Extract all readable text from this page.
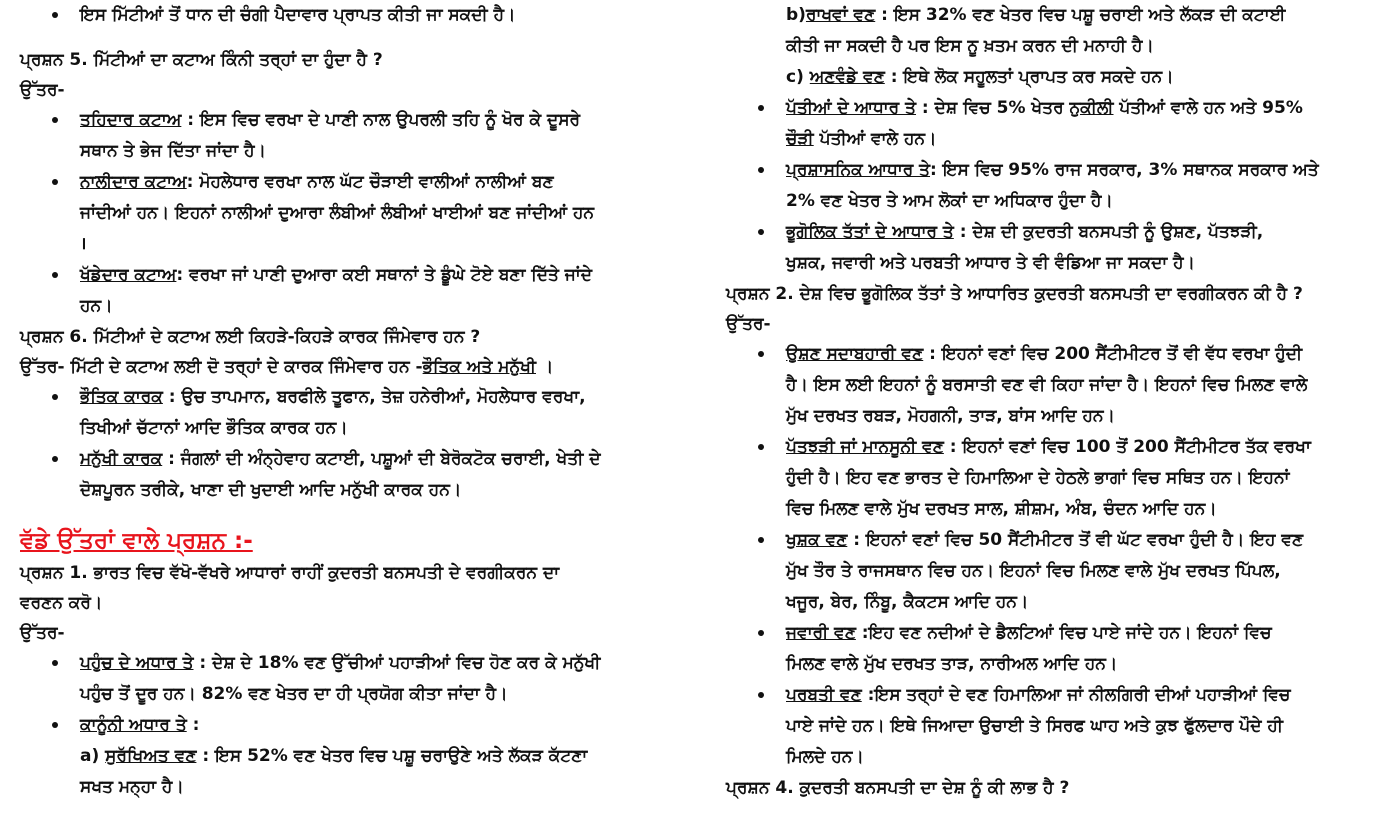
ਇਸ ਮਿੱਟੀਆਂ ਤੋਂ ਧਾਨ ਦੀ ਚੰਗੀ ਪੈਦਾਵਾਰ ਪ੍ਰਾਪਤ ਕੀਤੀ ਜਾ ਸਕਦੀ ਹੈ।

ਪ੍ਰਸ਼ਨ 5. ਮਿੱਟੀਆਂ ਦਾ ਕਟਾਅ ਕਿੰਨੀ ਤਰ੍ਹਾਂ ਦਾ ਹੁੰਦਾ ਹੈ ?

ਉੱਤਰ-

ਤਹਿਦਾਰ ਕਟਾਅ : ਇਸ ਵਿਚ ਵਰਖਾ ਦੇ ਪਾਣੀ ਨਾਲ ਉਪਰਲੀ ਤਹਿ ਨੂੰ ਖੋਰ ਕੇ ਦੂਸਰੇ
ਸਥਾਨ ਤੇ ਭੇਜ ਦਿੱਤਾ ਜਾਂਦਾ ਹੈ।
ਨਾਲੀਦਾਰ ਕਟਾਅ: ਮੋਹਲੇਧਾਰ ਵਰਖਾ ਨਾਲ ਘੱਟ ਚੌੜਾਈ ਵਾਲੀਆਂ ਨਾਲੀਆਂ ਬਣ
ਜਾਂਦੀਆਂ ਹਨ। ਇਹਨਾਂ ਨਾਲੀਆਂ ਦੁਆਰਾ ਲੰਬੀਆਂ ਲੰਬੀਆਂ ਖਾਈਆਂ ਬਣ ਜਾਂਦੀਆਂ ਹਨ
।
ਖੱਡੇਦਾਰ ਕਟਾਅ: ਵਰਖਾ ਜਾਂ ਪਾਣੀ ਦੁਆਰਾ ਕਈ ਸਥਾਨਾਂ ਤੇ ਡੂੰਘੇ ਟੋਏ ਬਣਾ ਦਿੱਤੇ ਜਾਂਦੇ
ਹਨ।

ਪ੍ਰਸ਼ਨ 6. ਮਿੱਟੀਆਂ ਦੇ ਕਟਾਅ ਲਈ ਕਿਹੜੇ-ਕਿਹੜੇ ਕਾਰਕ ਜਿੰਮੇਵਾਰ ਹਨ ?

ਉੱਤਰ- ਮਿੱਟੀ ਦੇ ਕਟਾਅ ਲਈ ਦੋ ਤਰ੍ਹਾਂ ਦੇ ਕਾਰਕ ਜਿੰਮੇਵਾਰ ਹਨ -ਭੌਤਿਕ ਅਤੇ ਮਨੁੱਖੀ ।

ਭੌਤਿਕ ਕਾਰਕ : ਉਚ ਤਾਪਮਾਨ, ਬਰਫੀਲੇ ਤੂਫਾਨ, ਤੇਜ਼ ਹਨੇਰੀਆਂ, ਮੋਹਲੇਧਾਰ ਵਰਖਾ,
ਤਿਖੀਆਂ ਚੱਟਾਨਾਂ ਆਦਿ ਭੌਤਿਕ ਕਾਰਕ ਹਨ।
ਮਨੁੱਖੀ ਕਾਰਕ : ਜੰਗਲਾਂ ਦੀ ਅੰਨ੍ਹੇਵਾਹ ਕਟਾਈ, ਪਸ਼ੂਆਂ ਦੀ ਬੇਰੋਕਟੋਕ ਚਰਾਈ, ਖੇਤੀ ਦੇ
ਦੋਸ਼ਪੂਰਨ ਤਰੀਕੇ, ਖਾਣਾ ਦੀ ਖੁਦਾਈ ਆਦਿ ਮਨੁੱਖੀ ਕਾਰਕ ਹਨ।

ਵੱਡੇ ਉੱਤਰਾਂ ਵਾਲੇ ਪ੍ਰਸ਼ਨ :-

ਪ੍ਰਸ਼ਨ 1. ਭਾਰਤ ਵਿਚ ਵੱਖੋ-ਵੱਖਰੇ ਆਧਾਰਾਂ ਰਾਹੀਂ ਕੁਦਰਤੀ ਬਨਸਪਤੀ ਦੇ ਵਰਗੀਕਰਨ ਦਾ
ਵਰਣਨ ਕਰੋ।

ਉੱਤਰ-

ਪਹੁੰਚ ਦੇ ਅਧਾਰ ਤੇ : ਦੇਸ਼ ਦੇ 18% ਵਣ ਉੱਚੀਆਂ ਪਹਾੜੀਆਂ ਵਿਚ ਹੋਣ ਕਰ ਕੇ ਮਨੁੱਖੀ
ਪਹੁੰਚ ਤੋਂ ਦੂਰ ਹਨ। 82% ਵਣ ਖੇਤਰ ਦਾ ਹੀ ਪ੍ਰਯੋਗ ਕੀਤਾ ਜਾਂਦਾ ਹੈ।
ਕਾਨੂੰਨੀ ਅਧਾਰ ਤੇ :

a) ਸੁਰੱਖਿਅਤ ਵਣ : ਇਸ 52% ਵਣ ਖੇਤਰ ਵਿਚ ਪਸ਼ੂ ਚਰਾਉਣੇ ਅਤੇ ਲੱਕੜ ਕੱਟਣਾ
ਸਖਤ ਮਨ੍ਹਾ ਹੈ।

b)ਰਾਖਵਾਂ ਵਣ : ਇਸ 32% ਵਣ ਖੇਤਰ ਵਿਚ ਪਸ਼ੂ ਚਰਾਈ ਅਤੇ ਲੱਕੜ ਦੀ ਕਟਾਈ
ਕੀਤੀ ਜਾ ਸਕਦੀ ਹੈ ਪਰ ਇਸ ਨੂ ਖ਼ਤਮ ਕਰਨ ਦੀ ਮਨਾਹੀ ਹੈ।

c) ਅਣਵੰਡੇ ਵਣ : ਇਥੇ ਲੋਕ ਸਹੂਲਤਾਂ ਪ੍ਰਾਪਤ ਕਰ ਸਕਦੇ ਹਨ।

ਪੱਤੀਆਂ ਦੇ ਆਧਾਰ ਤੇ : ਦੇਸ਼ ਵਿਚ 5% ਖੇਤਰ ਨੁਕੀਲੀ ਪੱਤੀਆਂ ਵਾਲੇ ਹਨ ਅਤੇ 95%
ਚੌੜੀ ਪੱਤੀਆਂ ਵਾਲੇ ਹਨ।
ਪ੍ਰਸ਼ਾਸਨਿਕ ਆਧਾਰ ਤੇ: ਇਸ ਵਿਚ 95% ਰਾਜ ਸਰਕਾਰ, 3% ਸਥਾਨਕ ਸਰਕਾਰ ਅਤੇ
2% ਵਣ ਖੇਤਰ ਤੇ ਆਮ ਲੋਕਾਂ ਦਾ ਅਧਿਕਾਰ ਹੁੰਦਾ ਹੈ।
ਭੂਗੋਲਿਕ ਤੱਤਾਂ ਦੇ ਆਧਾਰ ਤੇ : ਦੇਸ਼ ਦੀ ਕੁਦਰਤੀ ਬਨਸਪਤੀ ਨੂੰ ਉਸ਼ਣ, ਪੱਤਝੜੀ,
ਖੁਸ਼ਕ, ਜਵਾਰੀ ਅਤੇ ਪਰਬਤੀ ਆਧਾਰ ਤੇ ਵੀ ਵੰਡਿਆ ਜਾ ਸਕਦਾ ਹੈ।

ਪ੍ਰਸ਼ਨ 2. ਦੇਸ਼ ਵਿਚ ਭੂਗੋਲਿਕ ਤੱਤਾਂ ਤੇ ਆਧਾਰਿਤ ਕੁਦਰਤੀ ਬਨਸਪਤੀ ਦਾ ਵਰਗੀਕਰਨ ਕੀ ਹੈ ?

ਉੱਤਰ-

ਉਸ਼ਣ ਸਦਾਬਹਾਰੀ ਵਣ : ਇਹਨਾਂ ਵਣਾਂ ਵਿਚ 200 ਸੈਂਟੀਮੀਟਰ ਤੋਂ ਵੀ ਵੱਧ ਵਰਖਾ ਹੁੰਦੀ
ਹੈ। ਇਸ ਲਈ ਇਹਨਾਂ ਨੂੰ ਬਰਸਾਤੀ ਵਣ ਵੀ ਕਿਹਾ ਜਾਂਦਾ ਹੈ। ਇਹਨਾਂ ਵਿਚ ਮਿਲਣ ਵਾਲੇ
ਮੁੱਖ ਦਰਖਤ ਰਬੜ, ਮੋਹਗਨੀ, ਤਾੜ, ਬਾਂਸ ਆਦਿ ਹਨ।
ਪੱਤਝੜੀ ਜਾਂ ਮਾਨਸੂਨੀ ਵਣ : ਇਹਨਾਂ ਵਣਾਂ ਵਿਚ 100 ਤੋਂ 200 ਸੈਂਟੀਮੀਟਰ ਤੱਕ ਵਰਖਾ
ਹੁੰਦੀ ਹੈ। ਇਹ ਵਣ ਭਾਰਤ ਦੇ ਹਿਮਾਲਿਆ ਦੇ ਹੇਠਲੇ ਭਾਗਾਂ ਵਿਚ ਸਥਿਤ ਹਨ। ਇਹਨਾਂ
ਵਿਚ ਮਿਲਣ ਵਾਲੇ ਮੁੱਖ ਦਰਖਤ ਸਾਲ, ਸ਼ੀਸ਼ਮ, ਅੰਬ, ਚੰਦਨ ਆਦਿ ਹਨ।
ਖੁਸ਼ਕ ਵਣ : ਇਹਨਾਂ ਵਣਾਂ ਵਿਚ 50 ਸੈਂਟੀਮੀਟਰ ਤੋਂ ਵੀ ਘੱਟ ਵਰਖਾ ਹੁੰਦੀ ਹੈ। ਇਹ ਵਣ
ਮੁੱਖ ਤੌਰ ਤੇ ਰਾਜਸਥਾਨ ਵਿਚ ਹਨ। ਇਹਨਾਂ ਵਿਚ ਮਿਲਣ ਵਾਲੇ ਮੁੱਖ ਦਰਖਤ ਪਿੱਪਲ,
ਖਜੂਰ, ਬੇਰ, ਨਿੰਬੂ, ਕੈਕਟਸ ਆਦਿ ਹਨ।
ਜਵਾਰੀ ਵਣ :ਇਹ ਵਣ ਨਦੀਆਂ ਦੇ ਡੈਲਟਿਆਂ ਵਿਚ ਪਾਏ ਜਾਂਦੇ ਹਨ। ਇਹਨਾਂ ਵਿਚ
ਮਿਲਣ ਵਾਲੇ ਮੁੱਖ ਦਰਖਤ ਤਾੜ, ਨਾਰੀਅਲ ਆਦਿ ਹਨ।
ਪਰਬਤੀ ਵਣ :ਇਸ ਤਰ੍ਹਾਂ ਦੇ ਵਣ ਹਿਮਾਲਿਆ ਜਾਂ ਨੀਲਗਿਰੀ ਦੀਆਂ ਪਹਾੜੀਆਂ ਵਿਚ
ਪਾਏ ਜਾਂਦੇ ਹਨ। ਇਥੇ ਜਿਆਦਾ ਉਚਾਈ ਤੇ ਸਿਰਫ ਘਾਹ ਅਤੇ ਕੁਝ ਫੁੱਲਦਾਰ ਪੌਦੇ ਹੀ
ਮਿਲਦੇ ਹਨ।

ਪ੍ਰਸ਼ਨ 4. ਕੁਦਰਤੀ ਬਨਸਪਤੀ ਦਾ ਦੇਸ਼ ਨੂੰ ਕੀ ਲਾਭ ਹੈ ?
